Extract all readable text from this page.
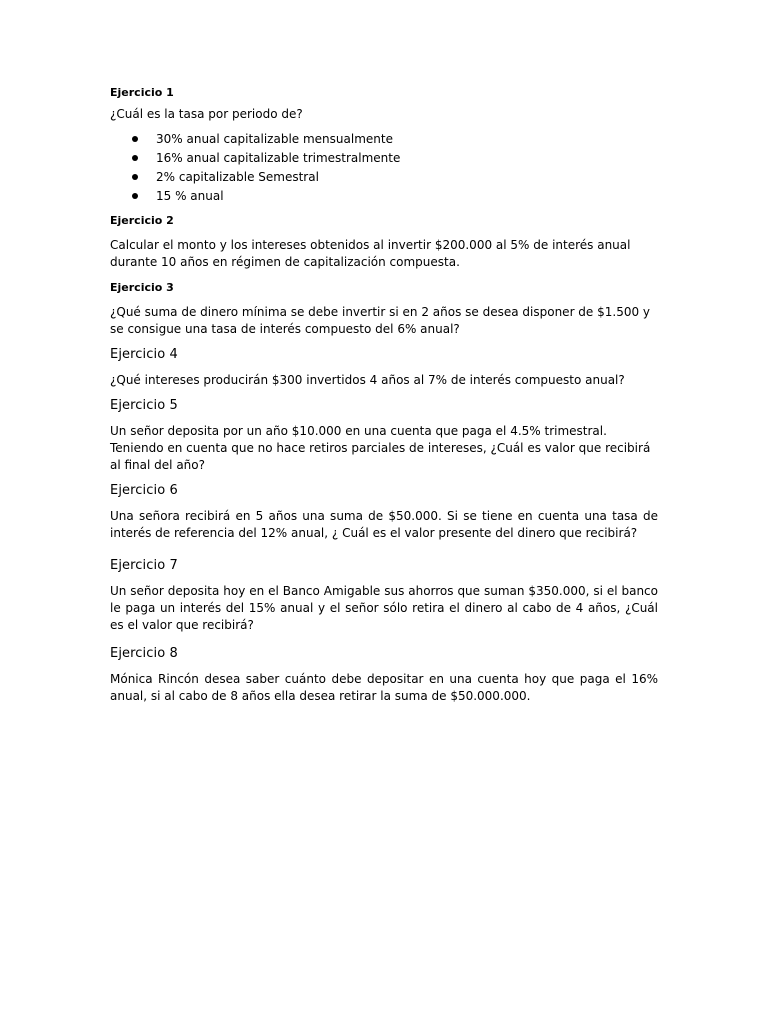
Ejercicio 1

¿Cuál es la tasa por periodo de?

30% anual capitalizable mensualmente
16% anual capitalizable trimestralmente
2% capitalizable Semestral
15 % anual

Ejercicio 2

Calcular el monto y los intereses obtenidos al invertir $200.000 al 5% de interés anual durante 10 años en régimen de capitalización compuesta.

Ejercicio 3

¿Qué suma de dinero mínima se debe invertir si en 2 años se desea disponer de $1.500 y se consigue una tasa de interés compuesto del 6% anual?

Ejercicio 4

¿Qué intereses producirán $300 invertidos 4 años al 7% de interés compuesto anual?

Ejercicio 5

Un señor deposita por un año $10.000 en una cuenta que paga el 4.5% trimestral. Teniendo en cuenta que no hace retiros parciales de intereses, ¿Cuál es valor que recibirá al final del año?

Ejercicio 6

Una señora recibirá en 5 años una suma de $50.000. Si se tiene en cuenta una tasa de interés de referencia del 12% anual, ¿ Cuál es el valor presente del dinero que recibirá?

Ejercicio 7

Un señor deposita hoy en el Banco Amigable sus ahorros que suman $350.000, si el banco le paga un interés del 15% anual y el señor sólo retira el dinero al cabo de 4 años, ¿Cuál es el valor que recibirá?

Ejercicio 8

Mónica Rincón desea saber cuánto debe depositar en una cuenta hoy que paga el 16% anual, si al cabo de 8 años ella desea retirar la suma de $50.000.000.
